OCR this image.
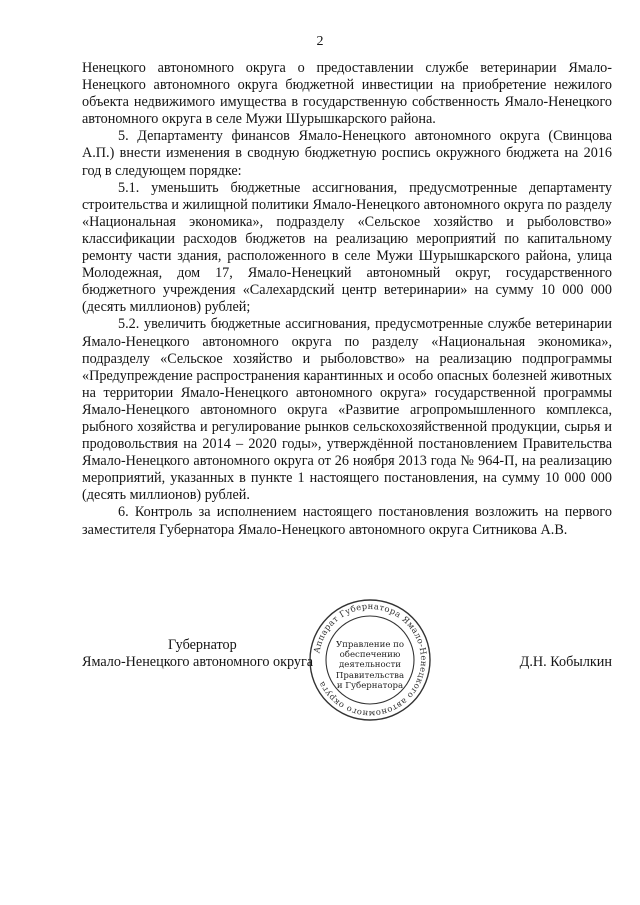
2

Ненецкого автономного округа о предоставлении службе ветеринарии Ямало-Ненецкого автономного округа бюджетной инвестиции на приобретение нежилого объекта недвижимого имущества в государственную собственность Ямало-Ненецкого автономного округа в селе Мужи Шурышкарского района.

5. Департаменту финансов Ямало-Ненецкого автономного округа (Свинцова А.П.) внести изменения в сводную бюджетную роспись окружного бюджета на 2016 год в следующем порядке:

5.1. уменьшить бюджетные ассигнования, предусмотренные департаменту строительства и жилищной политики Ямало-Ненецкого автономного округа по разделу «Национальная экономика», подразделу «Сельское хозяйство и рыболовство» классификации расходов бюджетов на реализацию мероприятий по капитальному ремонту части здания, расположенного в селе Мужи Шурышкарского района, улица Молодежная, дом 17, Ямало-Ненецкий автономный округ, государственного бюджетного учреждения «Салехардский центр ветеринарии» на сумму 10 000 000 (десять миллионов) рублей;

5.2. увеличить бюджетные ассигнования, предусмотренные службе ветеринарии Ямало-Ненецкого автономного округа по разделу «Национальная экономика», подразделу «Сельское хозяйство и рыболовство» на реализацию подпрограммы «Предупреждение распространения карантинных и особо опасных болезней животных на территории Ямало-Ненецкого автономного округа» государственной программы Ямало-Ненецкого автономного округа «Развитие агропромышленного комплекса, рыбного хозяйства и регулирование рынков сельскохозяйственной продукции, сырья и продовольствия на 2014 – 2020 годы», утверждённой постановлением Правительства Ямало-Ненецкого автономного округа от 26 ноября 2013 года № 964-П, на реализацию мероприятий, указанных в пункте 1 настоящего постановления, на сумму 10 000 000 (десять миллионов) рублей.

6. Контроль за исполнением настоящего постановления возложить на первого заместителя Губернатора Ямало-Ненецкого автономного округа Ситникова А.В.

Аппарат Губернатора Ямало-Ненецкого автономного округа
Управление по
обеспечению
деятельности
Правительства
и Губернатора
Губернатор
Ямало-Ненецкого автономного округа	Д.Н. Кобылкин
